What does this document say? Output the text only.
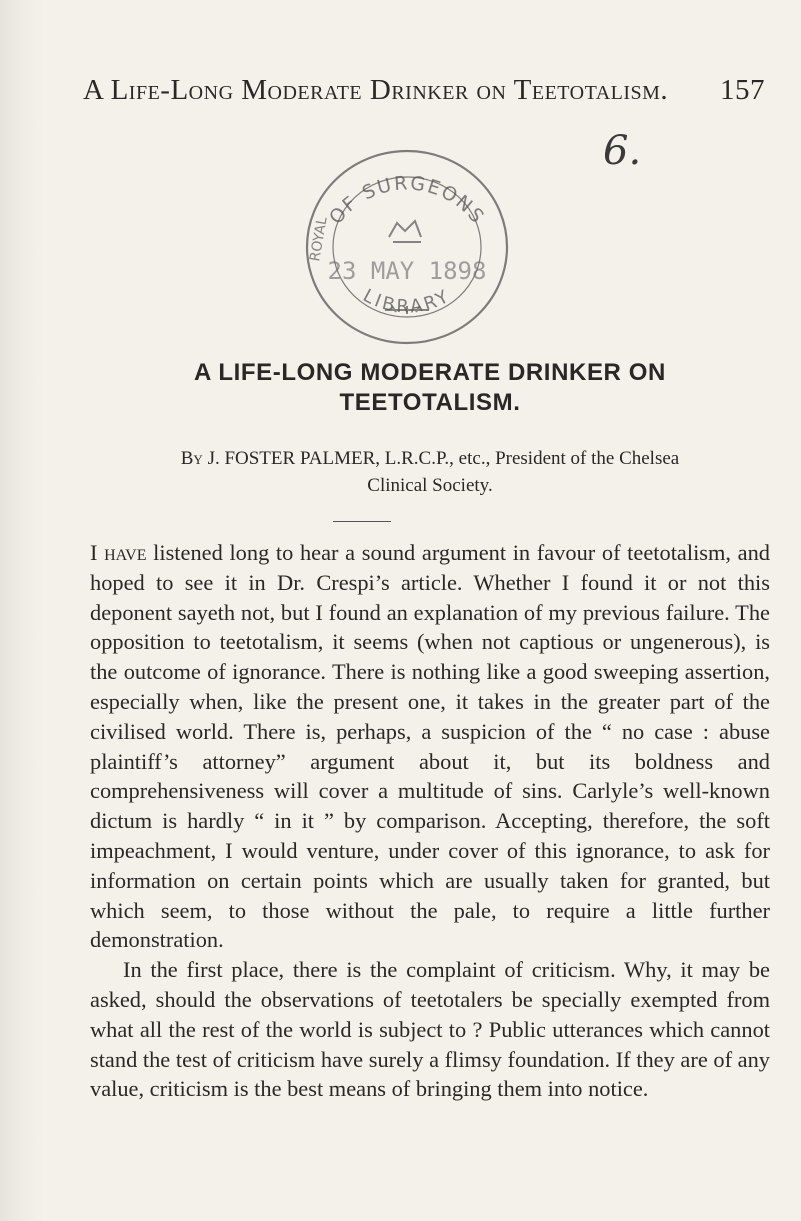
A Life-Long Moderate Drinker on Teetotalism. 157
OF SURGEONS
LIBRARY
ROYAL
23 MAY 1898
6.
A LIFE-LONG MODERATE DRINKER ON
TEETOTALISM.
By J. FOSTER PALMER, L.R.C.P., etc., President of the Chelsea
Clinical Society.

I have listened long to hear a sound argument in favour of teetotalism, and hoped to see it in Dr. Crespi’s article. Whether I found it or not this deponent sayeth not, but I found an explanation of my previous failure. The opposition to teetotalism, it seems (when not captious or ungenerous), is the outcome of ignorance. There is nothing like a good sweeping assertion, especially when, like the present one, it takes in the greater part of the civilised world. There is, perhaps, a suspicion of the “ no case : abuse plaintiff’s attorney” argument about it, but its boldness and comprehensiveness will cover a multitude of sins. Carlyle’s well-known dictum is hardly “ in it ” by comparison. Accepting, therefore, the soft impeachment, I would venture, under cover of this ignorance, to ask for information on certain points which are usually taken for granted, but which seem, to those without the pale, to require a little further demonstration.

In the first place, there is the complaint of criticism. Why, it may be asked, should the observations of teetotalers be specially exempted from what all the rest of the world is subject to ? Public utterances which cannot stand the test of criticism have surely a flimsy foundation. If they are of any value, criticism is the best means of bringing them into notice.
